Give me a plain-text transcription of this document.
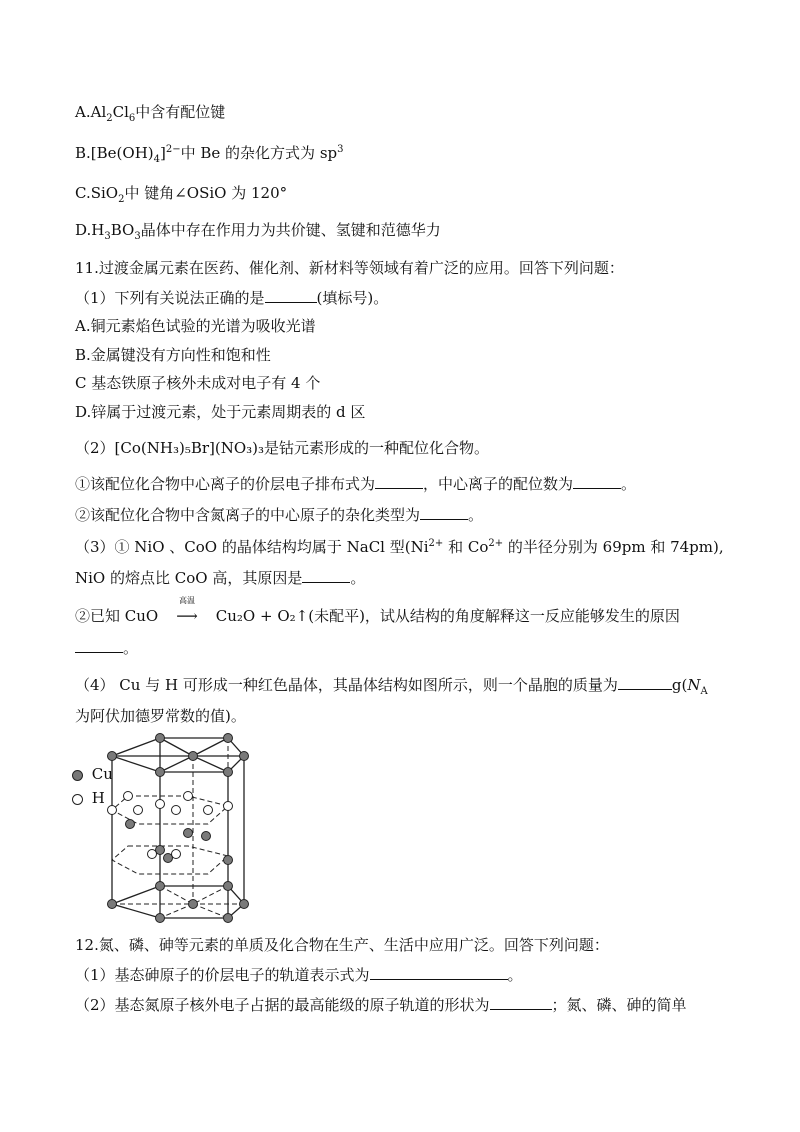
$A.Al_2Cl_6$中含有配位键
$B.[Be(OH)_4]^{2-}$中 Be 的杂化方式为 $sp^3$
C.SiO$_2$中 键角∠OSiO 为 120°
$D.H_3BO_3$晶体中存在作用力为共价键、氢键和范德华力
11.过渡金属元素在医药、催化剂、新材料等领域有着广泛的应用。回答下列问题：
（1）下列有关说法正确的是	(填标号)。
A.铜元素焰色试验的光谱为吸收光谱
B.金属键没有方向性和饱和性
C 基态铁原子核外未成对电子有 4 个
D.锌属于过渡元素，处于元素周期表的 d 区
（2）[Co(NH₃)₅Br](NO₃)₃是钴元素形成的一种配位化合物。
①该配位化合物中心离子的价层电子排布式为	，中心离子的配位数为	。
②该配位化合物中含氮离子的中心原子的杂化类型为	。
（3）① NiO 、CoO 的晶体结构均属于 NaCl 型($Ni^{2+}$ 和 $Co^{2+}$ 的半径分别为 69pm 和 74pm),
NiO 的熔点比 CoO 高，其原因是	。
②已知 CuO
高温
⟶ Cu₂O + O₂↑(未配平)，试从结构的角度解释这一反应能够发生的原因
。
（4） Cu 与 H 可形成一种红色晶体，其晶体结构如图所示，则一个晶胞的质量为	$g(N_A$
为阿伏加德罗常数的值)。
Cu
H
12.氮、磷、砷等元素的单质及化合物在生产、生活中应用广泛。回答下列问题：
（1）基态砷原子的价层电子的轨道表示式为	。
（2）基态氮原子核外电子占据的最高能级的原子轨道的形状为	；氮、磷、砷的简单
